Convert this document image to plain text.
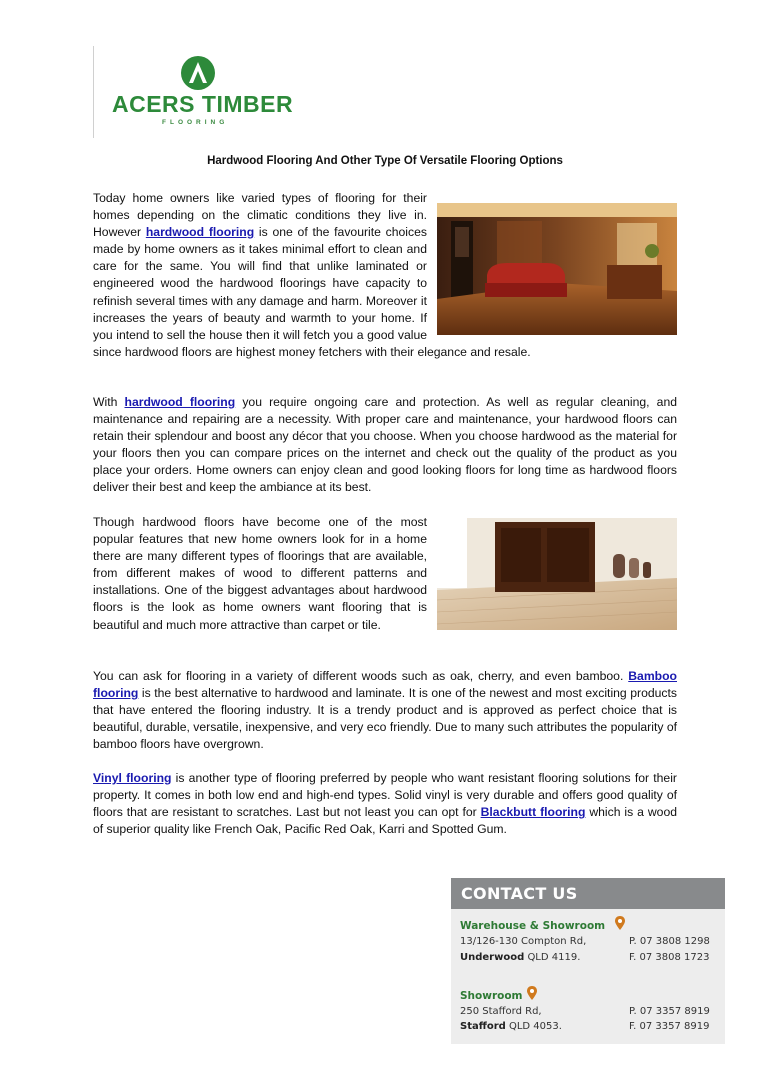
ACERS TIMBER
FLOORING
Hardwood Flooring And Other Type Of Versatile Flooring Options

Today home owners like varied types of flooring for their homes depending on the climatic conditions they live in. However hardwood flooring is one of the favourite choices made by home owners as it takes minimal effort to clean and care for the same. You will find that unlike laminated or engineered wood the hardwood floorings have capacity to refinish several times with any damage and harm. Moreover it increases the years of beauty and warmth to your home. If you intend to sell the house then it will fetch you a good value since hardwood floors are highest money fetchers with their elegance and resale.

With hardwood flooring you require ongoing care and protection. As well as regular cleaning, and maintenance and repairing are a necessity. With proper care and maintenance, your hardwood floors can retain their splendour and boost any décor that you choose. When you choose hardwood as the material for your floors then you can compare prices on the internet and check out the quality of the product as you place your orders. Home owners can enjoy clean and good looking floors for long time as hardwood floors deliver their best and keep the ambiance at its best.

Though hardwood floors have become one of the most popular features that new home owners look for in a home there are many different types of floorings that are available, from different makes of wood to different patterns and installations. One of the biggest advantages about hardwood floors is the look as home owners want flooring that is beautiful and much more attractive than carpet or tile.

You can ask for flooring in a variety of different woods such as oak, cherry, and even bamboo. Bamboo flooring is the best alternative to hardwood and laminate. It is one of the newest and most exciting products that have entered the flooring industry. It is a trendy product and is approved as perfect choice that is beautiful, durable, versatile, inexpensive, and very eco friendly. Due to many such attributes the popularity of bamboo floors have overgrown.

Vinyl flooring is another type of flooring preferred by people who want resistant flooring solutions for their property. It comes in both low end and high-end types. Solid vinyl is very durable and offers good quality of floors that are resistant to scratches. Last but not least you can opt for Blackbutt flooring which is a wood of superior quality like French Oak, Pacific Red Oak, Karri and Spotted Gum.

CONTACT US
Warehouse & Showroom
13/126-130 Compton Rd,
Underwood QLD 4119.
P. 07 3808 1298
F. 07 3808 1723
Showroom
250 Stafford Rd,
Stafford QLD 4053.
P. 07 3357 8919
F. 07 3357 8919
